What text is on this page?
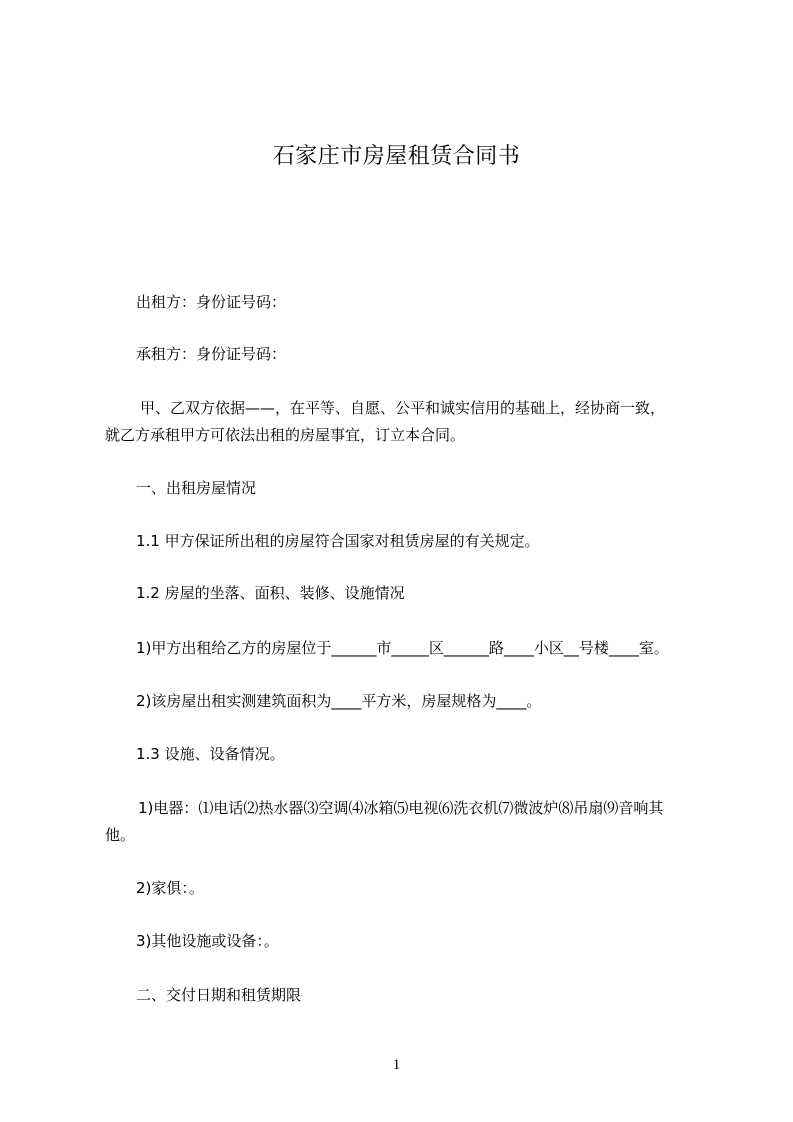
石家庄市房屋租赁合同书
出租方：身份证号码：
承租方：身份证号码：
甲、乙双方依据——，在平等、自愿、公平和诚实信用的基础上，经协商一致，
就乙方承租甲方可依法出租的房屋事宜，订立本合同。
一、出租房屋情况
1.1 甲方保证所出租的房屋符合国家对租赁房屋的有关规定。
1.2 房屋的坐落、面积、装修、设施情况
1)甲方出租给乙方的房屋位于______市_____区______路____小区__号楼____室。
2)该房屋出租实测建筑面积为____平方米，房屋规格为____。
1.3 设施、设备情况。
1)电器：⑴电话⑵热水器⑶空调⑷冰箱⑸电视⑹洗衣机⑺微波炉⑻吊扇⑼音响其
他。
2)家俱：。
3)其他设施或设备：。
二、交付日期和租赁期限
1
